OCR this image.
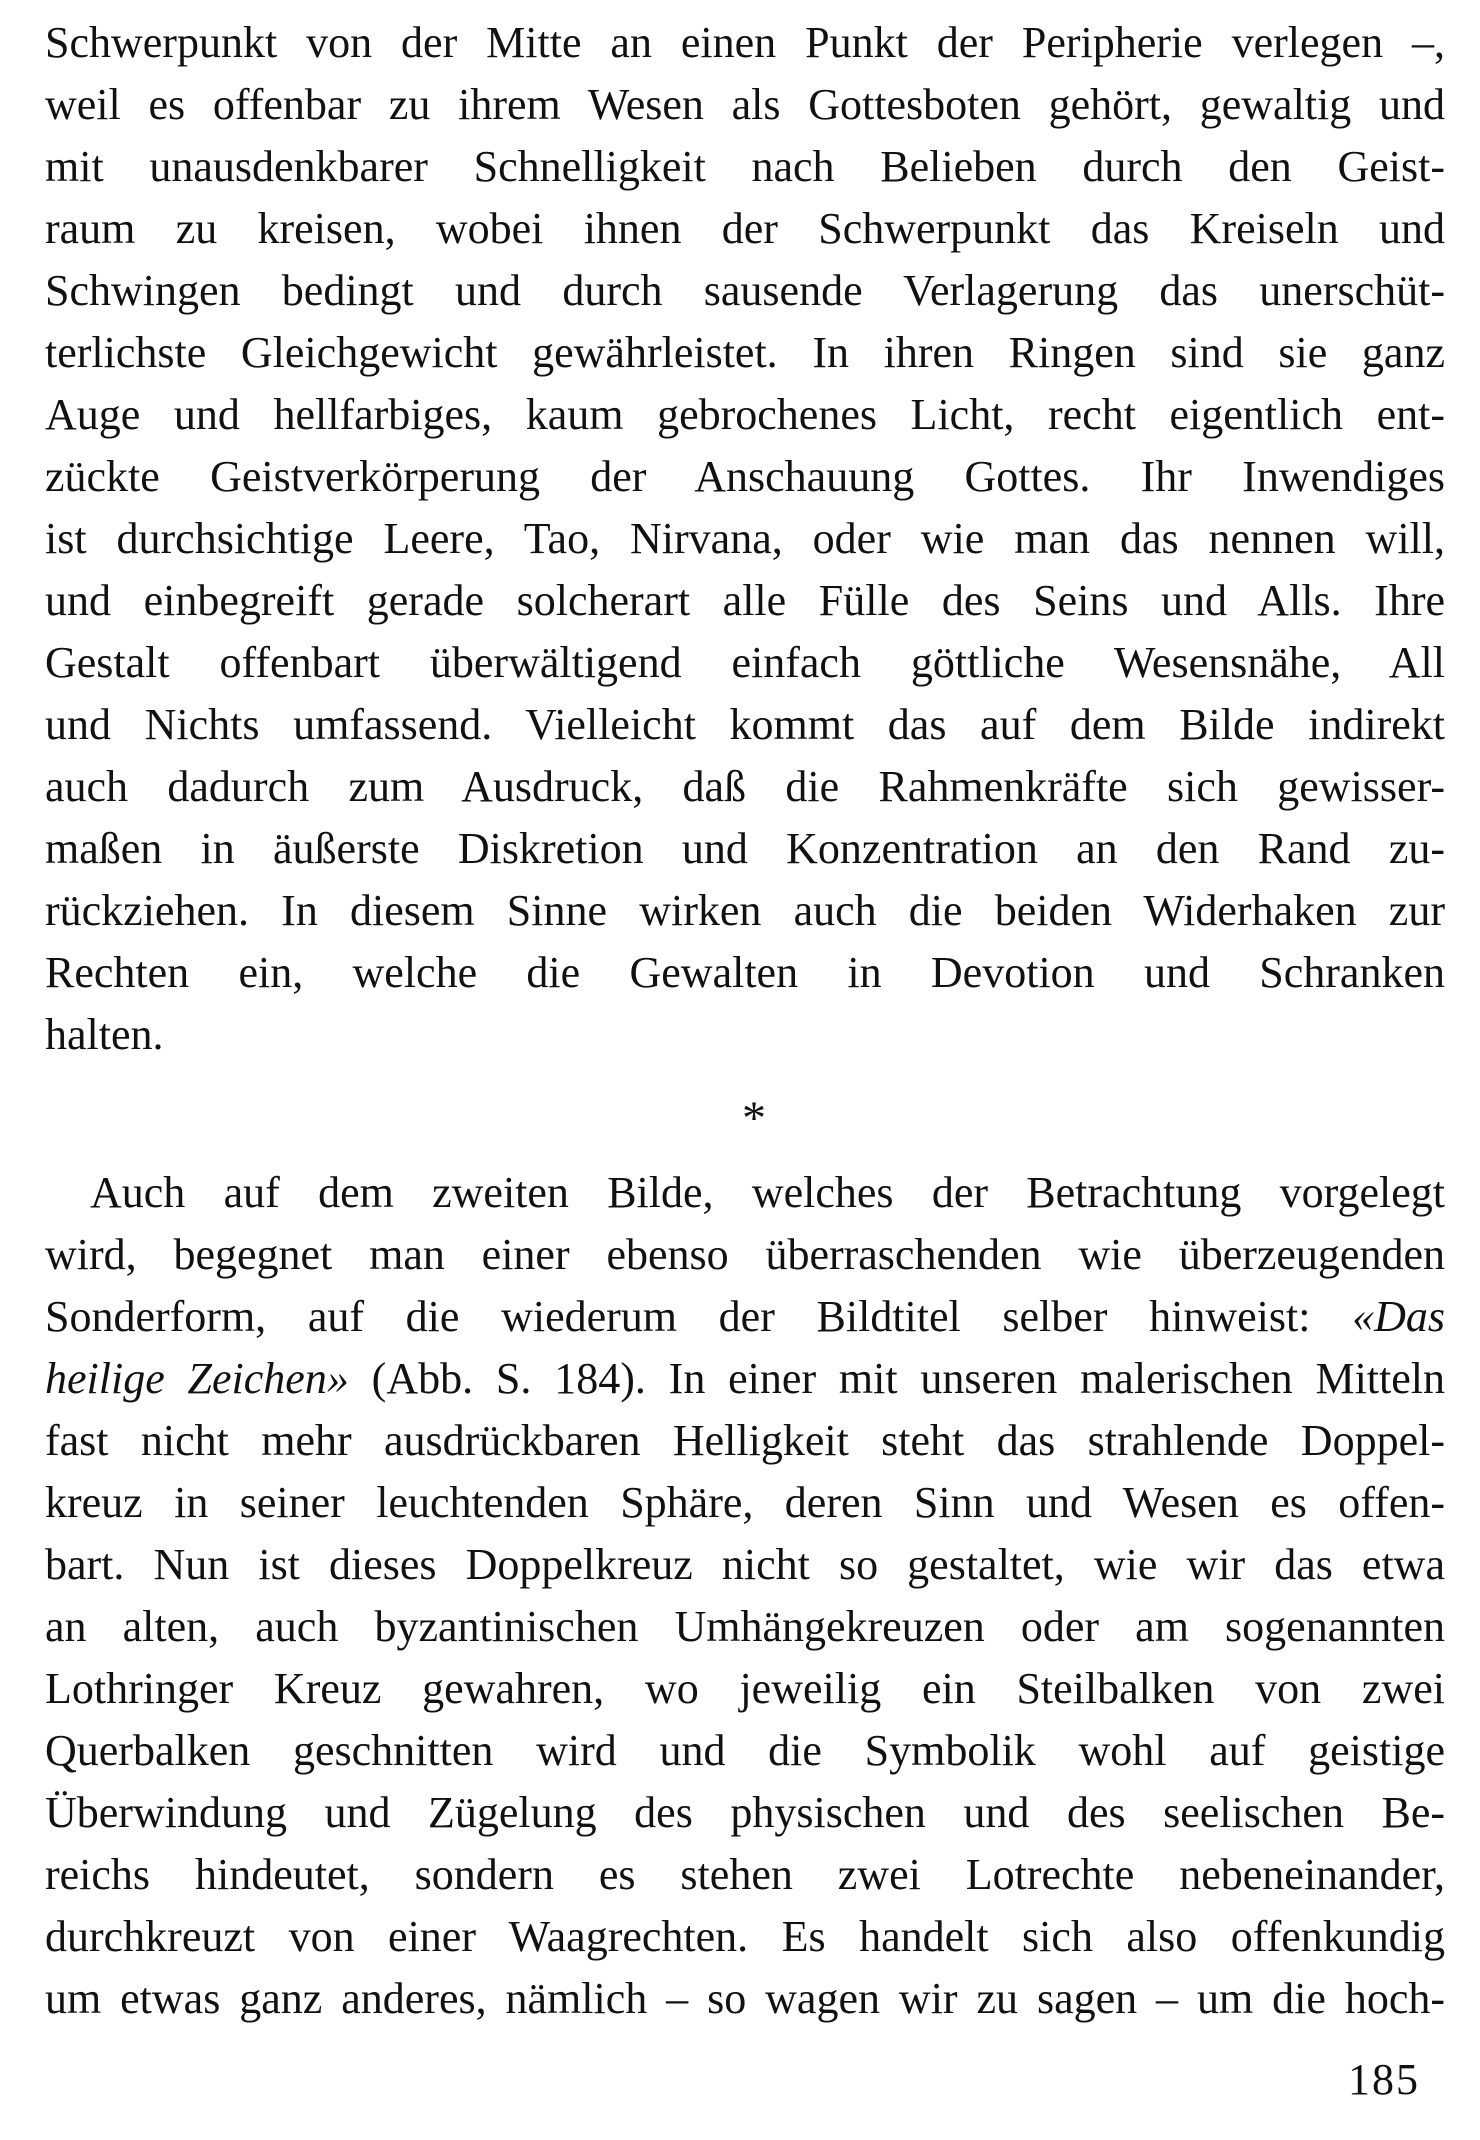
Schwerpunkt von der Mitte an einen Punkt der Peripherie verlegen –,
weil es offenbar zu ihrem Wesen als Gottesboten gehört, gewaltig und
mit unausdenkbarer Schnelligkeit nach Belieben durch den Geist-
raum zu kreisen, wobei ihnen der Schwerpunkt das Kreiseln und
Schwingen bedingt und durch sausende Verlagerung das unerschüt-
terlichste Gleichgewicht gewährleistet. In ihren Ringen sind sie ganz
Auge und hellfarbiges, kaum gebrochenes Licht, recht eigentlich ent-
zückte Geistverkörperung der Anschauung Gottes. Ihr Inwendiges
ist durchsichtige Leere, Tao, Nirvana, oder wie man das nennen will,
und einbegreift gerade solcherart alle Fülle des Seins und Alls. Ihre
Gestalt offenbart überwältigend einfach göttliche Wesensnähe, All
und Nichts umfassend. Vielleicht kommt das auf dem Bilde indirekt
auch dadurch zum Ausdruck, daß die Rahmenkräfte sich gewisser-
maßen in äußerste Diskretion und Konzentration an den Rand zu-
rückziehen. In diesem Sinne wirken auch die beiden Widerhaken zur
Rechten ein, welche die Gewalten in Devotion und Schranken
halten.
*
Auch auf dem zweiten Bilde, welches der Betrachtung vorgelegt
wird, begegnet man einer ebenso überraschenden wie überzeugenden
Sonderform, auf die wiederum der Bildtitel selber hinweist: «Das
heilige Zeichen» (Abb. S. 184). In einer mit unseren malerischen Mitteln
fast nicht mehr ausdrückbaren Helligkeit steht das strahlende Doppel-
kreuz in seiner leuchtenden Sphäre, deren Sinn und Wesen es offen-
bart. Nun ist dieses Doppelkreuz nicht so gestaltet, wie wir das etwa
an alten, auch byzantinischen Umhängekreuzen oder am sogenannten
Lothringer Kreuz gewahren, wo jeweilig ein Steilbalken von zwei
Querbalken geschnitten wird und die Symbolik wohl auf geistige
Überwindung und Zügelung des physischen und des seelischen Be-
reichs hindeutet, sondern es stehen zwei Lotrechte nebeneinander,
durchkreuzt von einer Waagrechten. Es handelt sich also offenkundig
um etwas ganz anderes, nämlich – so wagen wir zu sagen – um die hoch-
185
